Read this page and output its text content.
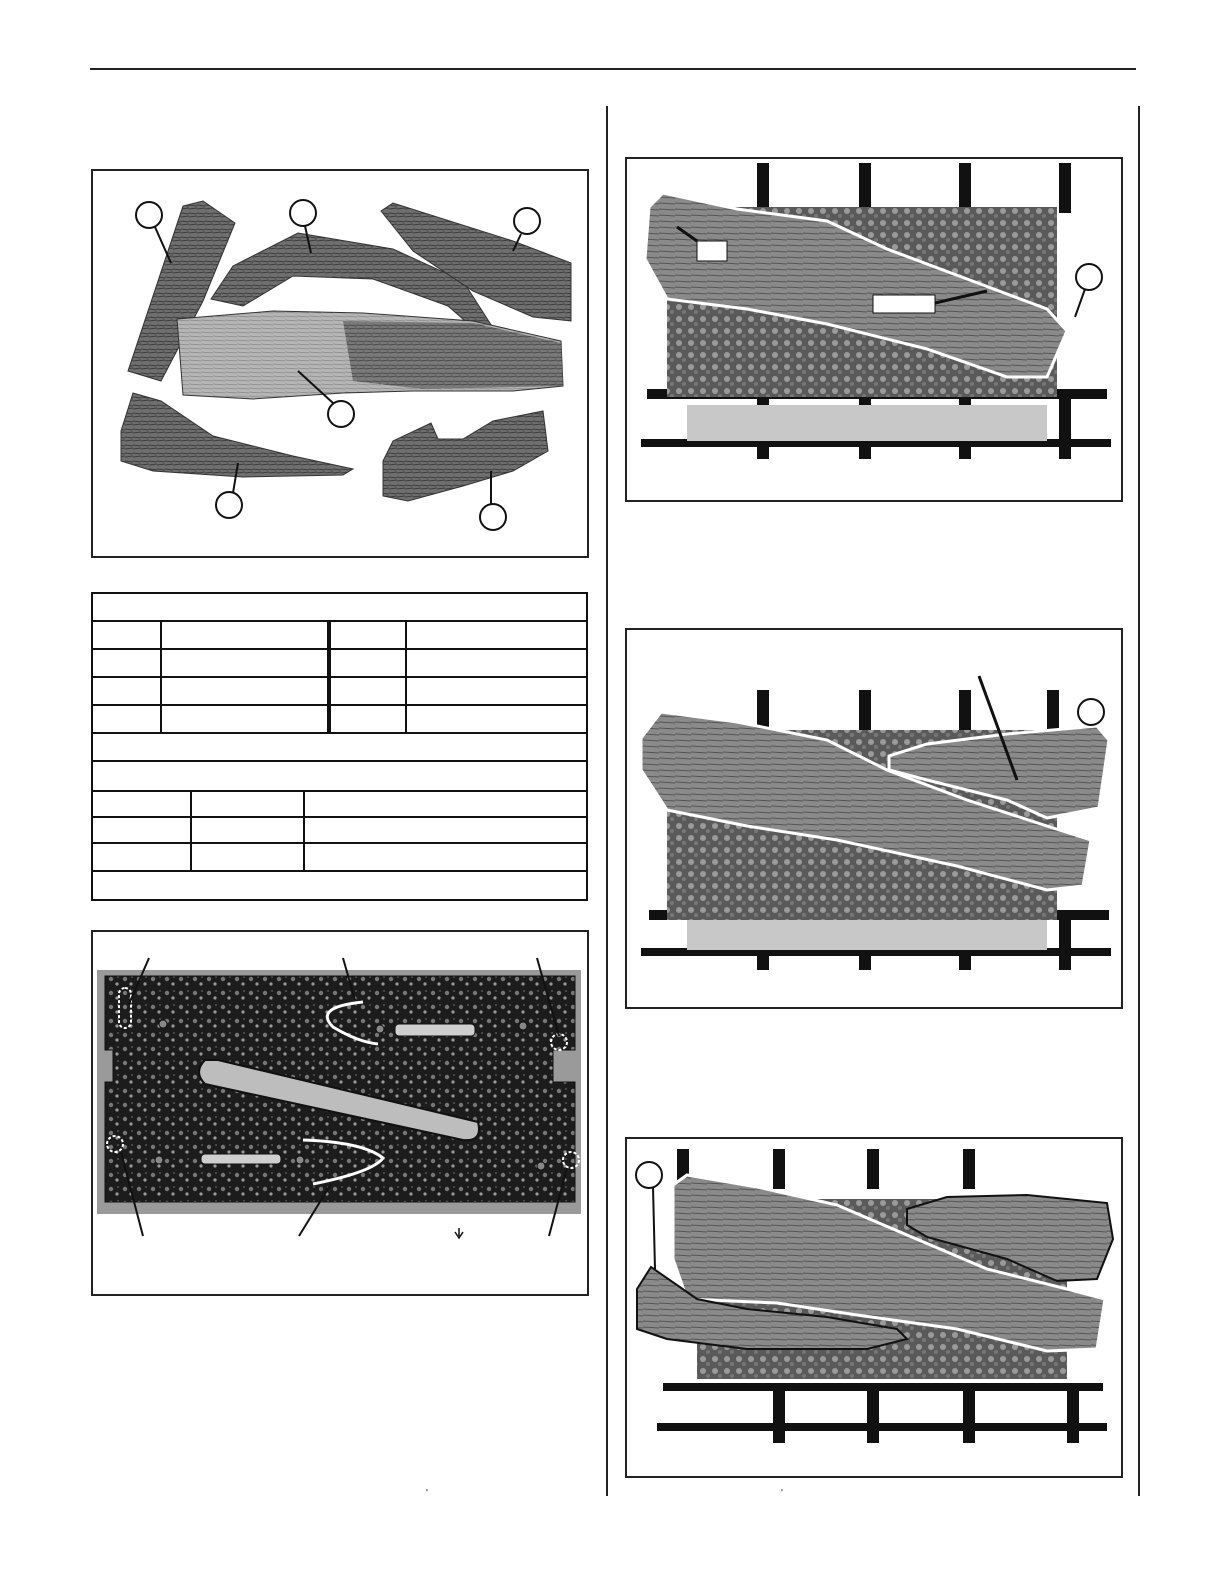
'	'
